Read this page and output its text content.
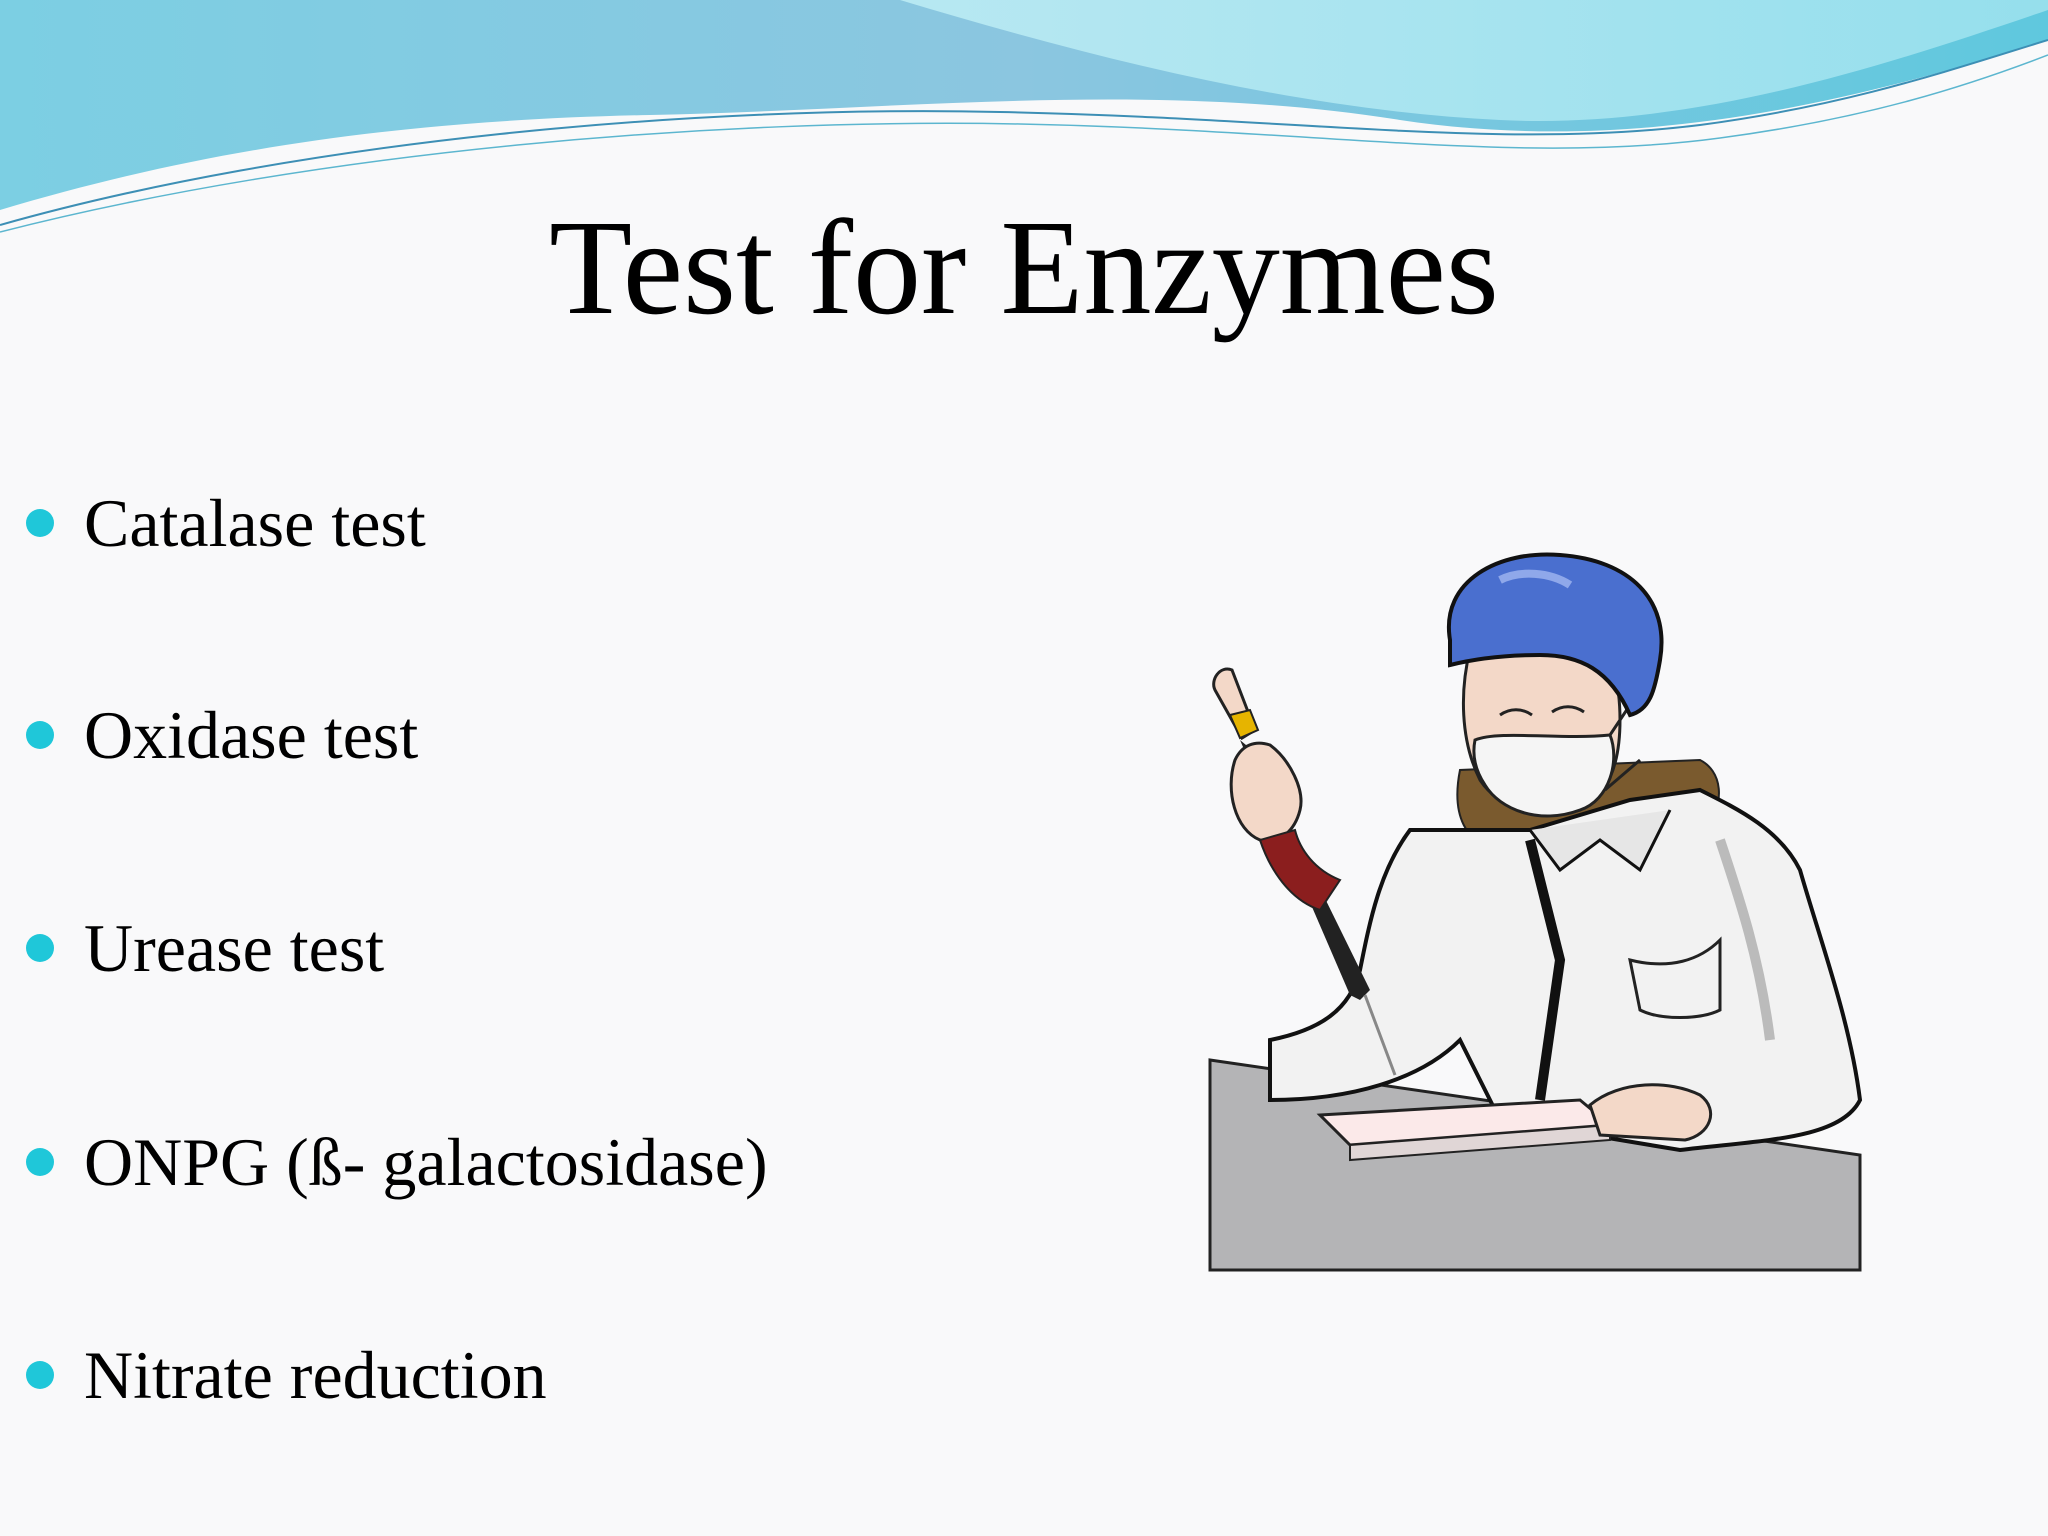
Test for Enzymes
Catalase test
Oxidase test
Urease test
ONPG (ß- galactosidase)
Nitrate reduction
